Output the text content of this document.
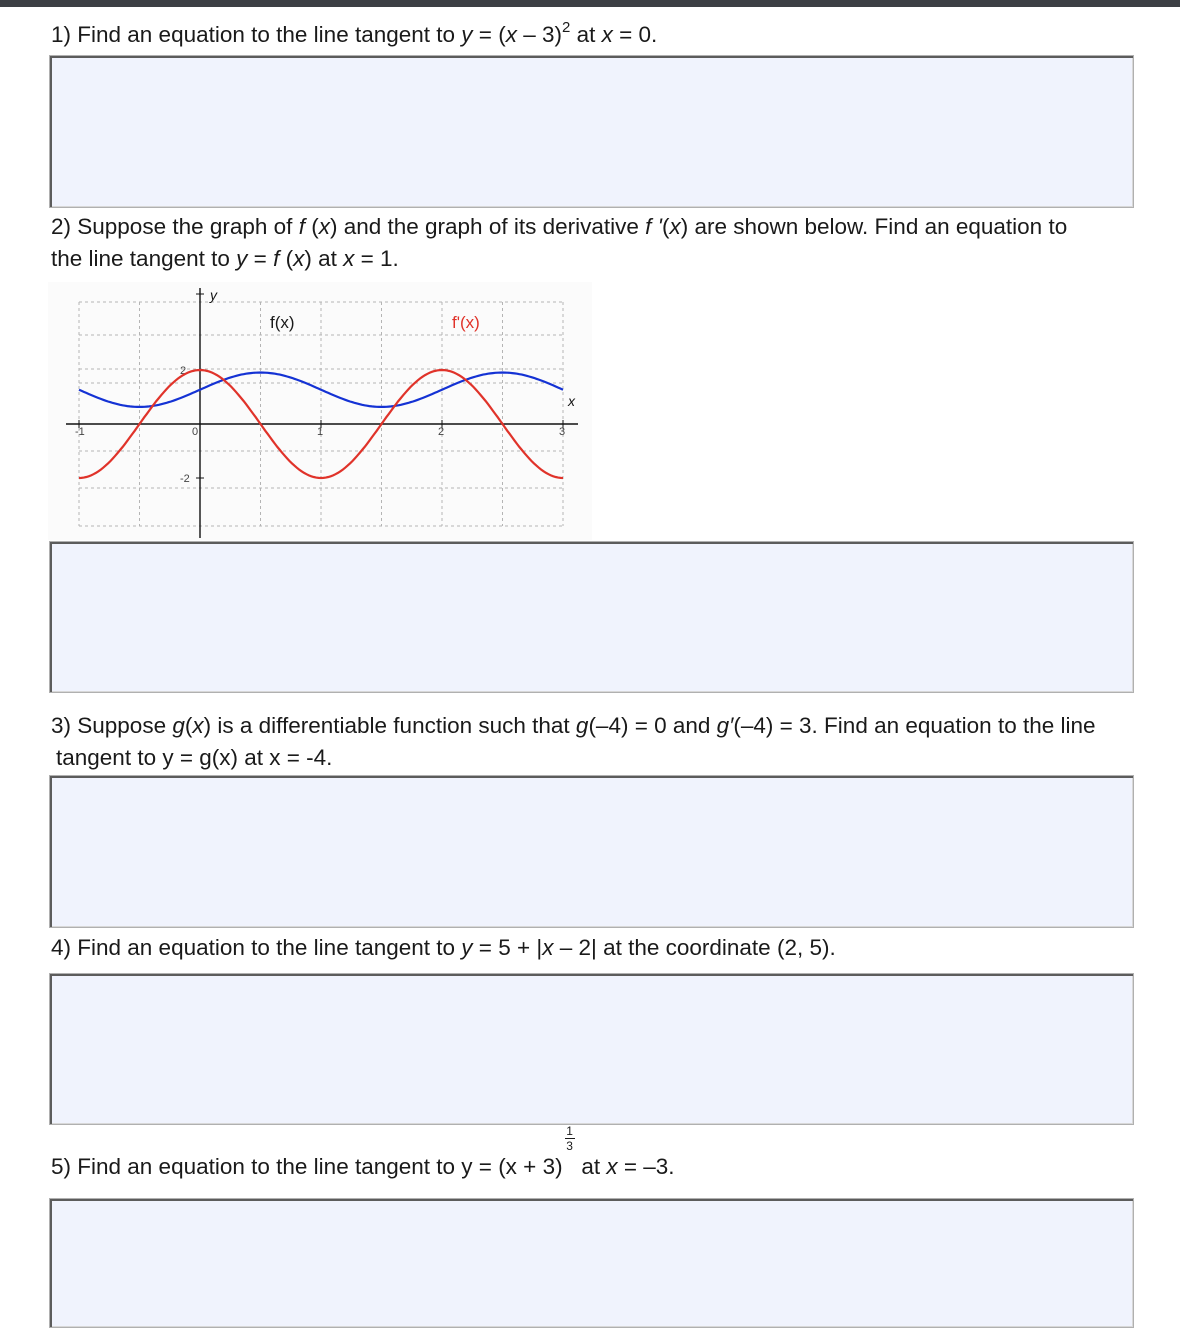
1) Find an equation to the line tangent to y = (x – 3)$^2$ at x = 0.

2) Suppose the graph of f (x) and the graph of its derivative f '(x) are shown below. Find an equation to

the line tangent to y = f (x) at x = 1.

-1	0	1	2	3
-2
2
x
y
f(x)	f'(x)

3) Suppose g(x) is a differentiable function such that g(–4) = 0 and g′(–4) = 3. Find an equation to the line

tangent to y = g(x) at x = -4.

4) Find an equation to the line tangent to y = 5 + |x – 2| at the coordinate (2, 5).

5) Find an equation to the line tangent to y = (x + 3)
$\frac{1}{3}$
at x = –3.
